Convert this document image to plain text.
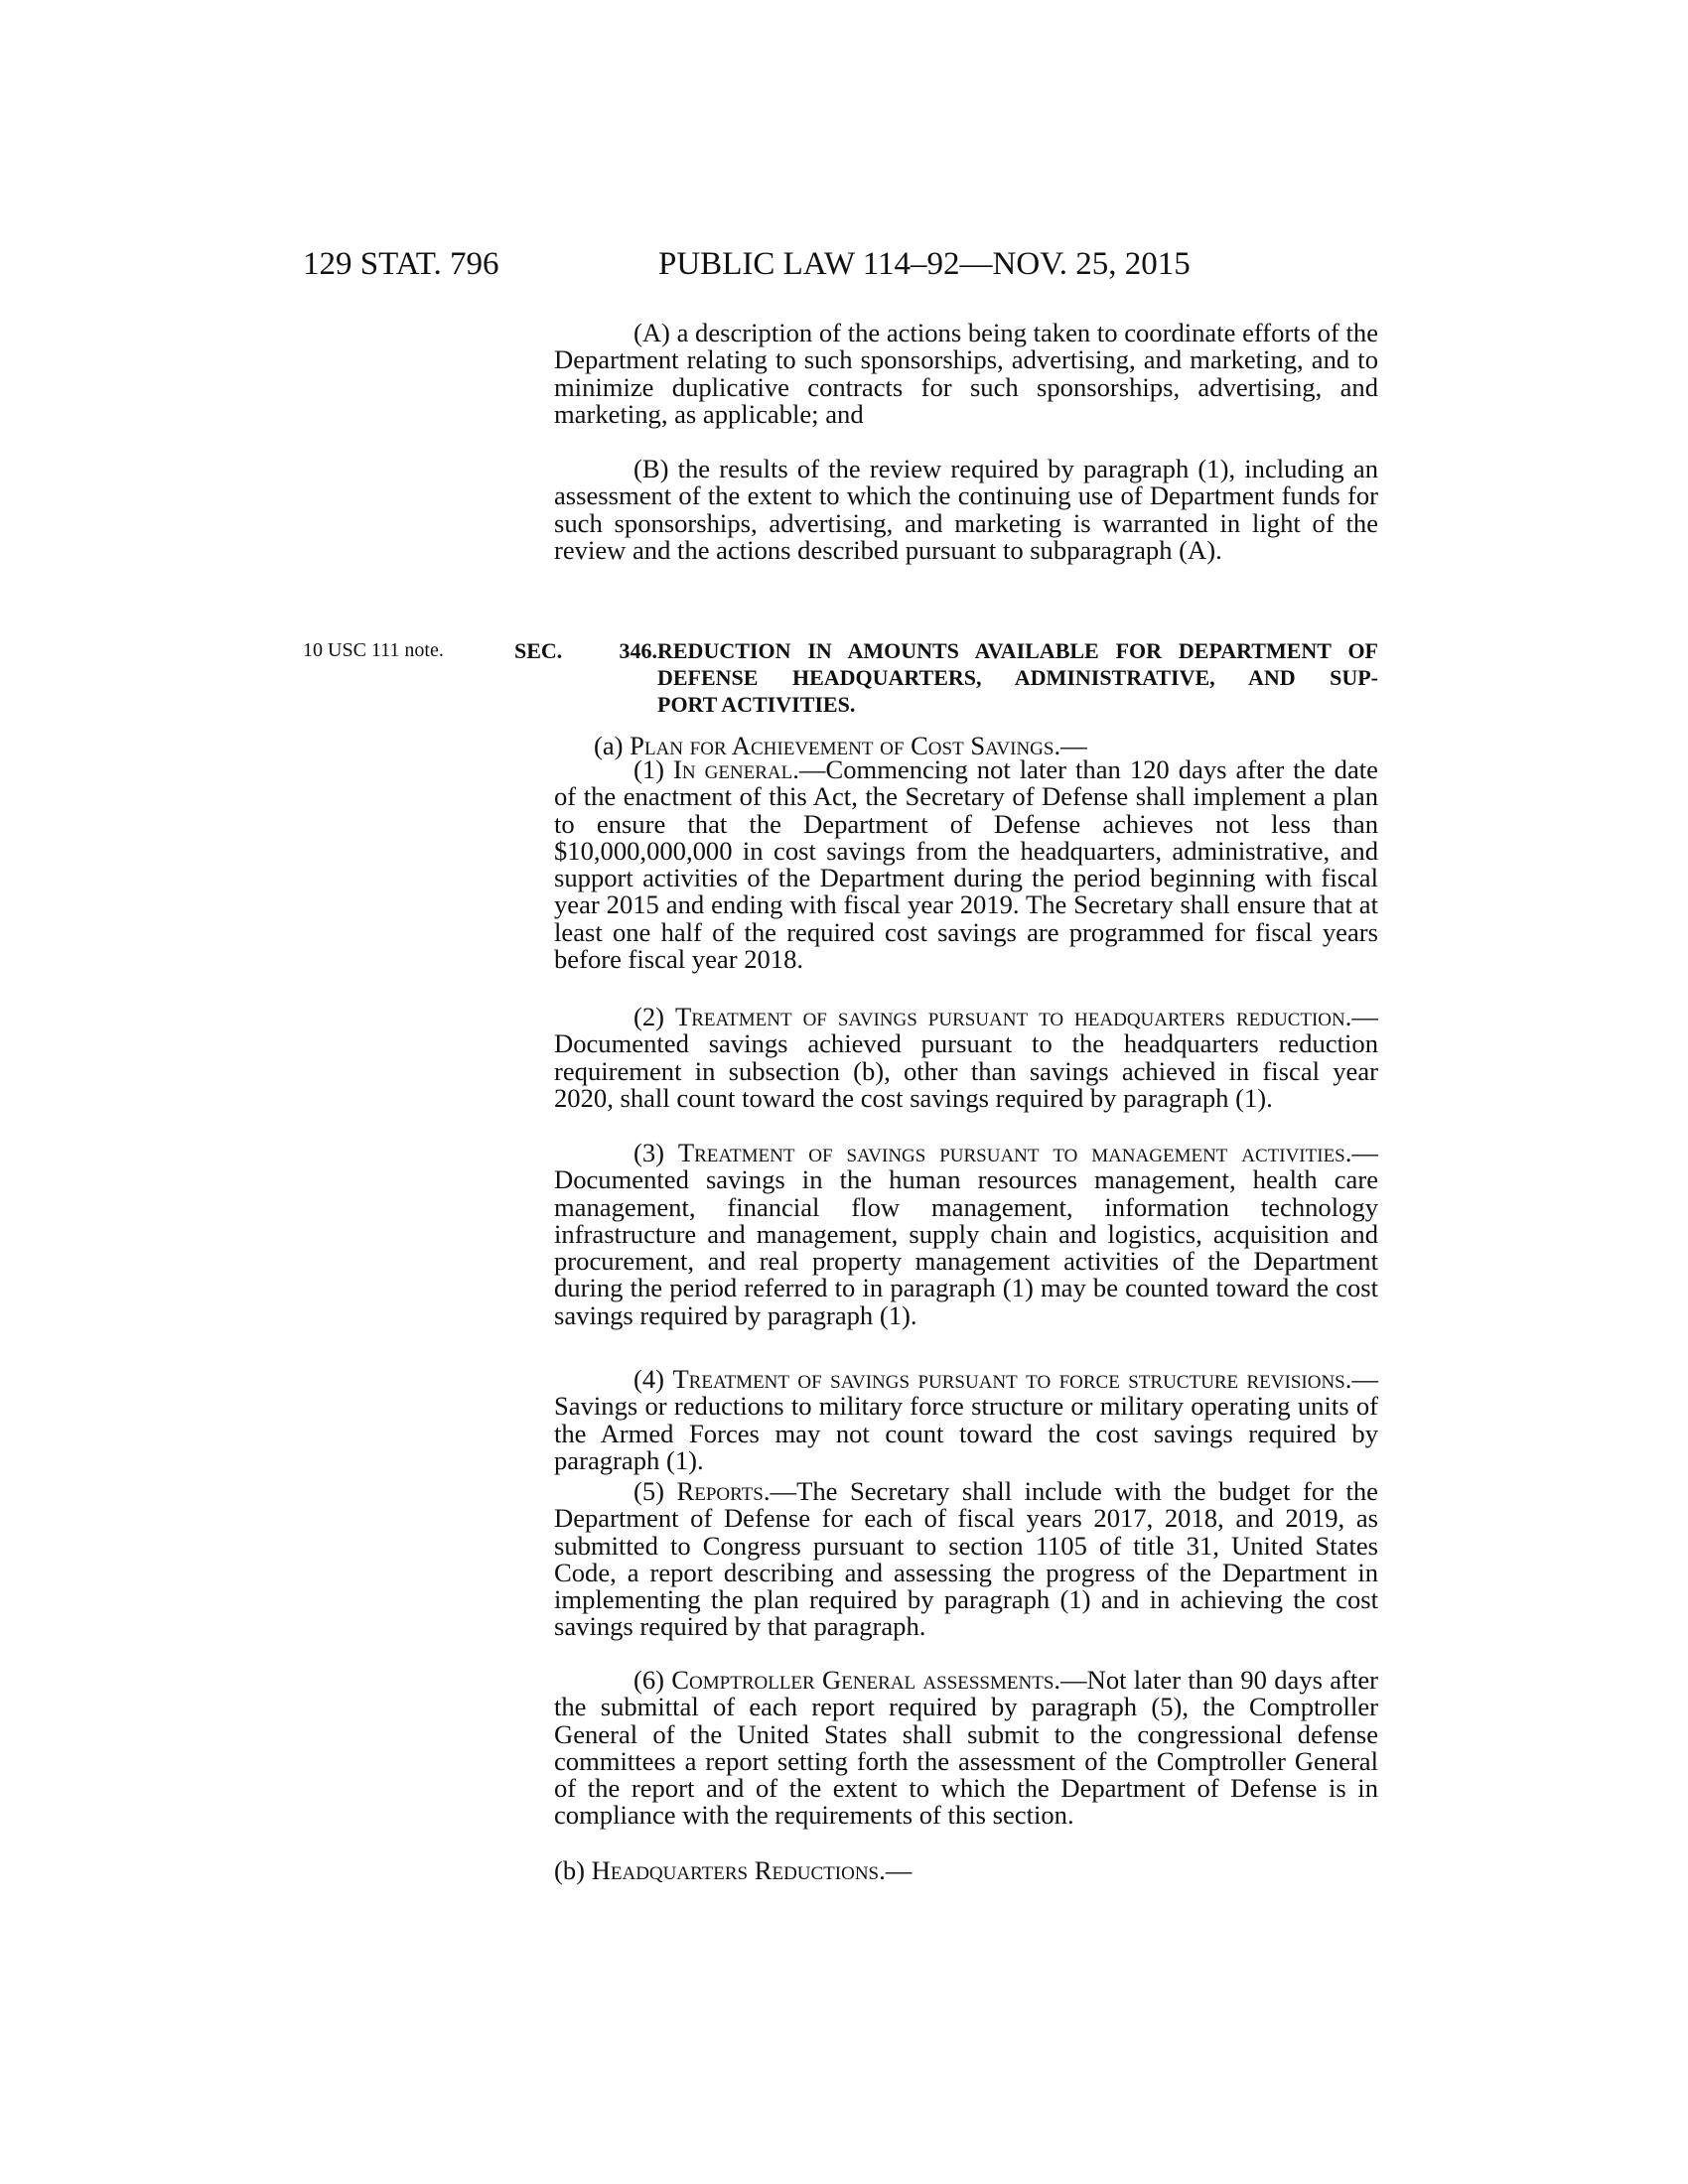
129 STAT. 796	PUBLIC LAW 114–92—NOV. 25, 2015
(A) a description of the actions being taken to coordinate efforts of the Department relating to such sponsorships, advertising, and marketing, and to minimize duplicative contracts for such sponsorships, advertising, and marketing, as applicable; and
(B) the results of the review required by paragraph (1), including an assessment of the extent to which the continuing use of Department funds for such sponsorships, advertising, and marketing is warranted in light of the review and the actions described pursuant to subparagraph (A).
10 USC 111 note.	SEC. 346.REDUCTION IN AMOUNTS AVAILABLE FOR DEPARTMENT OF
DEFENSE HEADQUARTERS, ADMINISTRATIVE, AND SUP-
PORT ACTIVITIES.
(a) Plan for Achievement of Cost Savings.—
(1) In general.—Commencing not later than 120 days after the date of the enactment of this Act, the Secretary of Defense shall implement a plan to ensure that the Department of Defense achieves not less than $10,000,000,000 in cost savings from the headquarters, administrative, and support activities of the Department during the period beginning with fiscal year 2015 and ending with fiscal year 2019. The Secretary shall ensure that at least one half of the required cost savings are programmed for fiscal years before fiscal year 2018.
(2) Treatment of savings pursuant to headquarters reduction.—Documented savings achieved pursuant to the headquarters reduction requirement in subsection (b), other than savings achieved in fiscal year 2020, shall count toward the cost savings required by paragraph (1).
(3) Treatment of savings pursuant to management activities.—Documented savings in the human resources management, health care management, financial flow management, information technology infrastructure and management, supply chain and logistics, acquisition and procurement, and real property management activities of the Department during the period referred to in paragraph (1) may be counted toward the cost savings required by paragraph (1).
(4) Treatment of savings pursuant to force structure revisions.—Savings or reductions to military force structure or military operating units of the Armed Forces may not count toward the cost savings required by paragraph (1).
(5) Reports.—The Secretary shall include with the budget for the Department of Defense for each of fiscal years 2017, 2018, and 2019, as submitted to Congress pursuant to section 1105 of title 31, United States Code, a report describing and assessing the progress of the Department in implementing the plan required by paragraph (1) and in achieving the cost savings required by that paragraph.
(6) Comptroller General assessments.—Not later than 90 days after the submittal of each report required by paragraph (5), the Comptroller General of the United States shall submit to the congressional defense committees a report setting forth the assessment of the Comptroller General of the report and of the extent to which the Department of Defense is in compliance with the requirements of this section.
(b) Headquarters Reductions.—
